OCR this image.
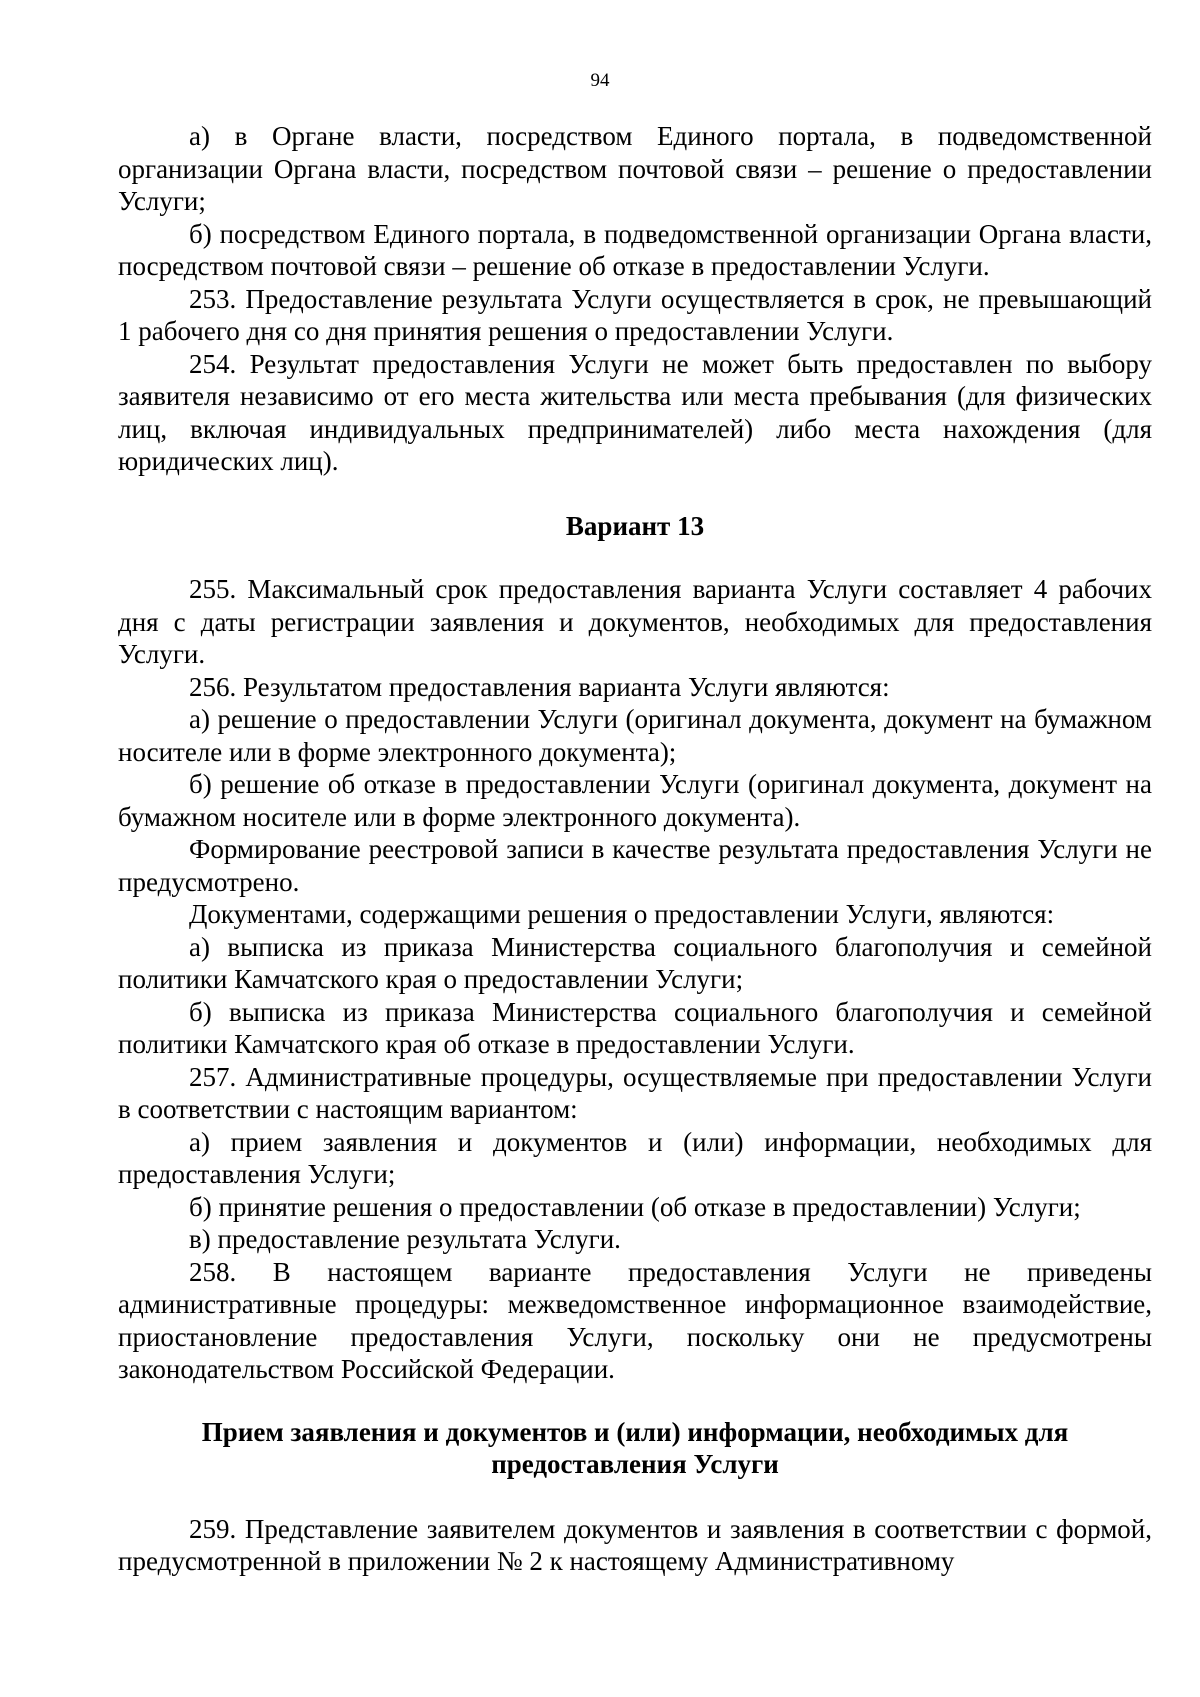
94

а) в Органе власти, посредством Единого портала, в подведомственной организации Органа власти, посредством почтовой связи – решение о предоставлении Услуги;

б) посредством Единого портала, в подведомственной организации Органа власти, посредством почтовой связи – решение об отказе в предоставлении Услуги.

253. Предоставление результата Услуги осуществляется в срок, не превышающий 1 рабочего дня со дня принятия решения о предоставлении Услуги.

254. Результат предоставления Услуги не может быть предоставлен по выбору заявителя независимо от его места жительства или места пребывания (для физических лиц, включая индивидуальных предпринимателей) либо места нахождения (для юридических лиц).

Вариант 13

255. Максимальный срок предоставления варианта Услуги составляет 4 рабочих дня с даты регистрации заявления и документов, необходимых для предоставления Услуги.

256. Результатом предоставления варианта Услуги являются:

а) решение о предоставлении Услуги (оригинал документа, документ на бумажном носителе или в форме электронного документа);

б) решение об отказе в предоставлении Услуги (оригинал документа, документ на бумажном носителе или в форме электронного документа).

Формирование реестровой записи в качестве результата предоставления Услуги не предусмотрено.

Документами, содержащими решения о предоставлении Услуги, являются:

а) выписка из приказа Министерства социального благополучия и семейной политики Камчатского края о предоставлении Услуги;

б) выписка из приказа Министерства социального благополучия и семейной политики Камчатского края об отказе в предоставлении Услуги.

257. Административные процедуры, осуществляемые при предоставлении Услуги в соответствии с настоящим вариантом:

а) прием заявления и документов и (или) информации, необходимых для предоставления Услуги;

б) принятие решения о предоставлении (об отказе в предоставлении) Услуги;

в) предоставление результата Услуги.

258. В настоящем варианте предоставления Услуги не приведены административные процедуры: межведомственное информационное взаимодействие, приостановление предоставления Услуги, поскольку они не предусмотрены законодательством Российской Федерации.

Прием заявления и документов и (или) информации, необходимых для
предоставления Услуги

259. Представление заявителем документов и заявления в соответствии с формой, предусмотренной в приложении № 2 к настоящему Административному
